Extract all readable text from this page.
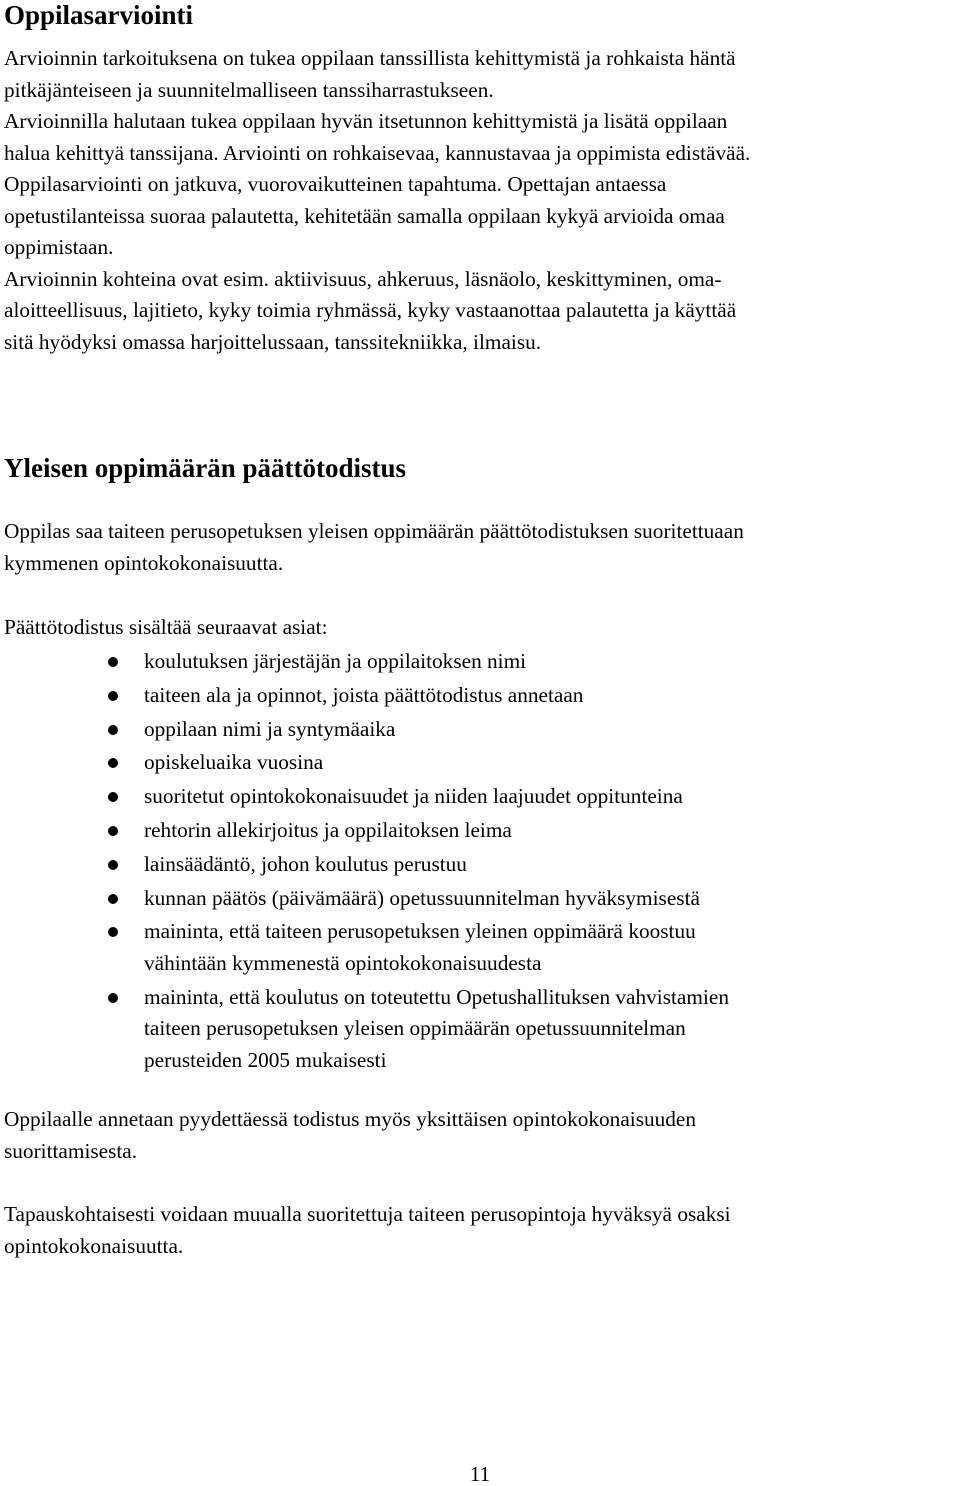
Oppilasarviointi

Arvioinnin tarkoituksena on tukea oppilaan tanssillista kehittymistä ja rohkaista häntä
pitkäjänteiseen ja suunnitelmalliseen tanssiharrastukseen.
Arvioinnilla halutaan tukea oppilaan hyvän itsetunnon kehittymistä ja lisätä oppilaan
halua kehittyä tanssijana. Arviointi on rohkaisevaa, kannustavaa ja oppimista edistävää.
Oppilasarviointi on jatkuva, vuorovaikutteinen tapahtuma. Opettajan antaessa
opetustilanteissa suoraa palautetta, kehitetään samalla oppilaan kykyä arvioida omaa
oppimistaan.
Arvioinnin kohteina ovat esim. aktiivisuus, ahkeruus, läsnäolo, keskittyminen, oma-
aloitteellisuus, lajitieto, kyky toimia ryhmässä, kyky vastaanottaa palautetta ja käyttää
sitä hyödyksi omassa harjoittelussaan, tanssitekniikka, ilmaisu.

Yleisen oppimäärän päättötodistus

Oppilas saa taiteen perusopetuksen yleisen oppimäärän päättötodistuksen suoritettuaan
kymmenen opintokokonaisuutta.

Päättötodistus sisältää seuraavat asiat:

koulutuksen järjestäjän ja oppilaitoksen nimi
taiteen ala ja opinnot, joista päättötodistus annetaan
oppilaan nimi ja syntymäaika
opiskeluaika vuosina
suoritetut opintokokonaisuudet ja niiden laajuudet oppitunteina
rehtorin allekirjoitus ja oppilaitoksen leima
lainsäädäntö, johon koulutus perustuu
kunnan päätös (päivämäärä) opetussuunnitelman hyväksymisestä
maininta, että taiteen perusopetuksen yleinen oppimäärä koostuu
vähintään kymmenestä opintokokonaisuudesta
maininta, että koulutus on toteutettu Opetushallituksen vahvistamien
taiteen perusopetuksen yleisen oppimäärän opetussuunnitelman
perusteiden 2005 mukaisesti

Oppilaalle annetaan pyydettäessä todistus myös yksittäisen opintokokonaisuuden
suorittamisesta.

Tapauskohtaisesti voidaan muualla suoritettuja taiteen perusopintoja hyväksyä osaksi
opintokokonaisuutta.

11
